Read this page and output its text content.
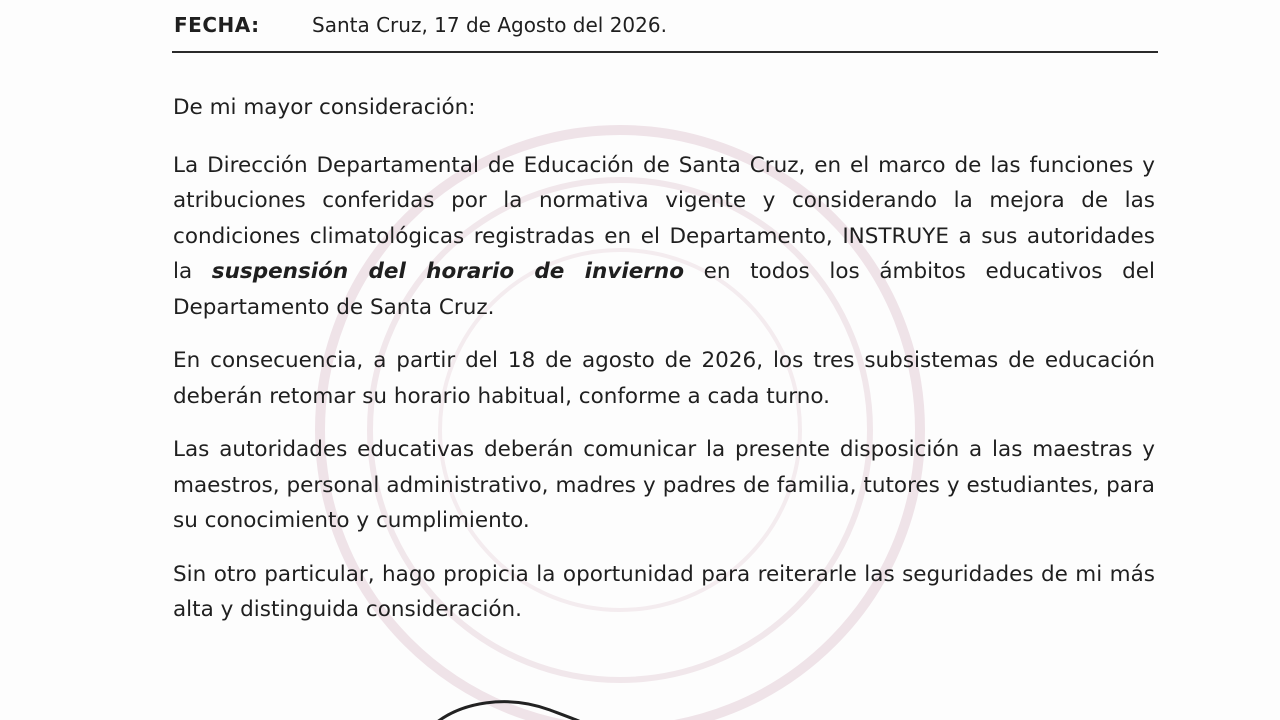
FECHA:	Santa Cruz, 17 de Agosto del 2026.

De mi mayor consideración:

La Dirección Departamental de Educación de Santa Cruz, en el marco de las funciones y atribuciones conferidas por la normativa vigente y considerando la mejora de las condiciones climatológicas registradas en el Departamento, INSTRUYE a sus autoridades la suspensión del horario de invierno en todos los ámbitos educativos del Departamento de Santa Cruz.

En consecuencia, a partir del 18 de agosto de 2026, los tres subsistemas de educación deberán retomar su horario habitual, conforme a cada turno.

Las autoridades educativas deberán comunicar la presente disposición a las maestras y maestros, personal administrativo, madres y padres de familia, tutores y estudiantes, para su conocimiento y cumplimiento.

Sin otro particular, hago propicia la oportunidad para reiterarle las seguridades de mi más alta y distinguida consideración.
